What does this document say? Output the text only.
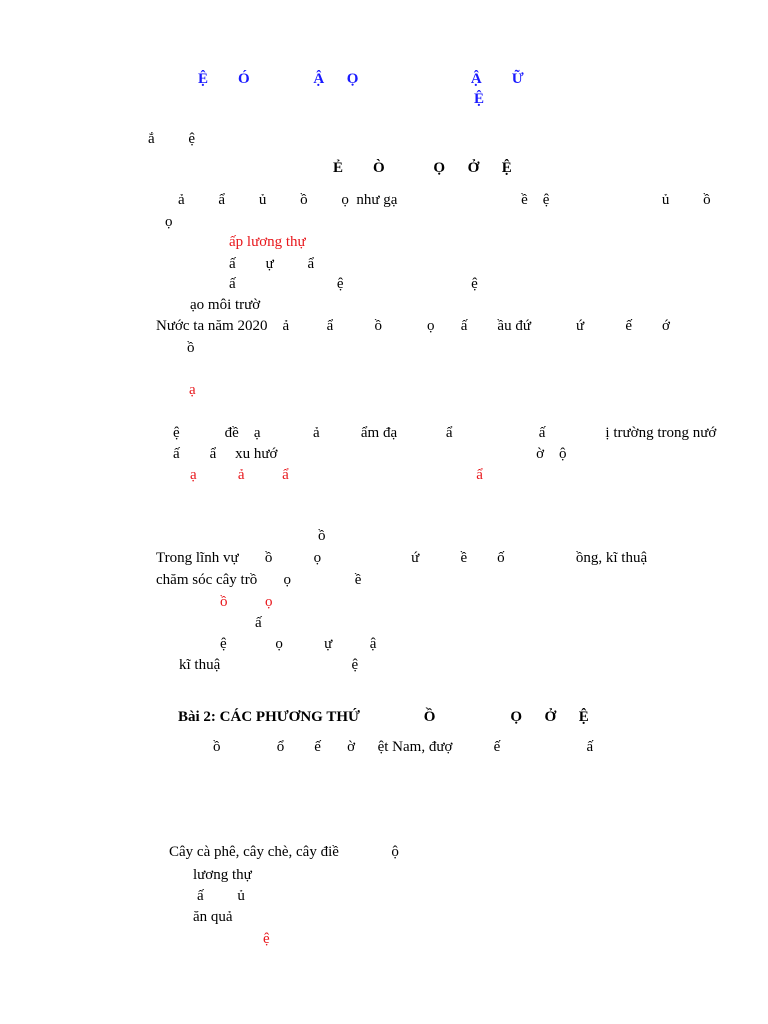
Ệ        Ó                 Ậ      Ọ                              Ậ        Ữ
Ệ
ắ         ệ
Ẻ        Ò             Ọ      Ở      Ệ
ả         ẩ         ủ         ồ         ọ  như gạ                                 ề    ệ                              ủ         ồ
ọ
ấp lương thự
ấ        ự         ẩ
ấ                           ệ                                  ệ
ạo môi trườ
Nước ta năm 2020    ả          ẩ           ồ            ọ       ấ        ầu đứ            ứ           ế        ớ
ồ
ạ
ệ            đề    ạ              ả           ẩm đạ             ẩ                       ấ                ị trường trong nướ
ấ        ẩ     xu hướ                                                                     ờ    ộ
ạ           ả          ẩ                                                  ẩ
ồ
Trong lĩnh vự       ồ           ọ                        ứ           ề        ố                   ồng, kĩ thuậ
chăm sóc cây trồ       ọ                 ề
ồ          ọ
ấ
ệ             ọ           ự          ậ
kĩ thuậ                                   ệ
Bài 2: CÁC PHƯƠNG THỨ                 Ồ                    Ọ      Ở      Ệ
ồ               ổ        ế       ờ      ệt Nam, đượ           ế                       ấ
Cây cà phê, cây chè, cây điề              ộ
lương thự
ấ         ủ
ăn quả
ệ
